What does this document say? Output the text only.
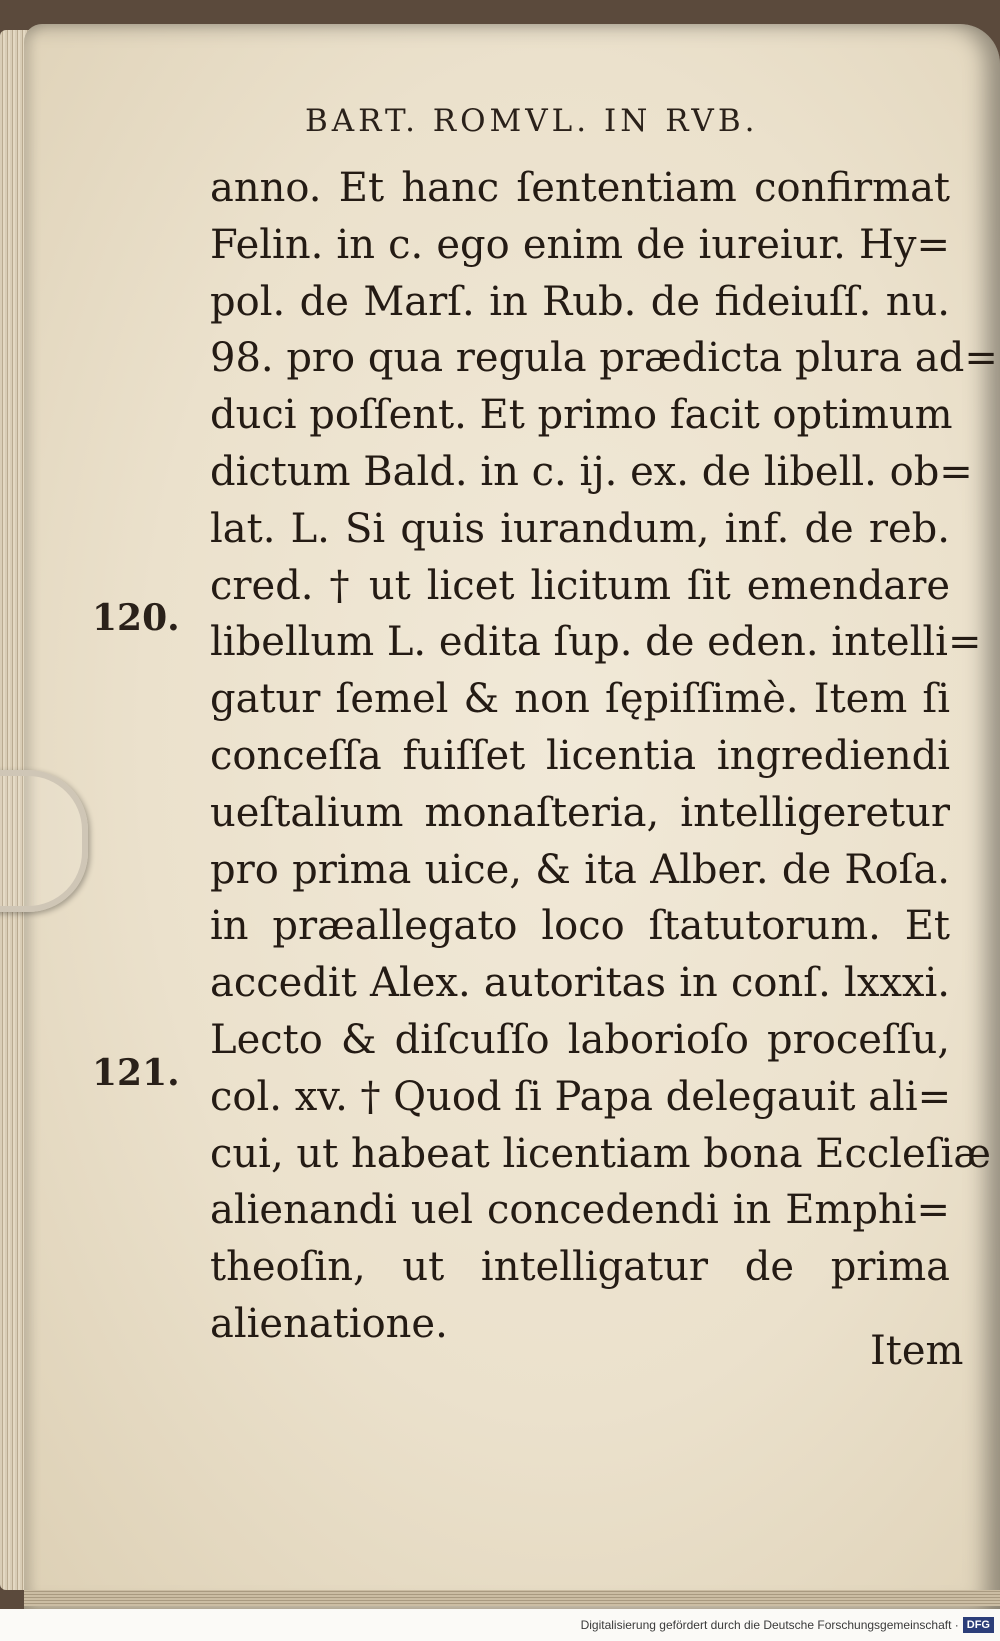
BART. ROMVL. IN RVB.
anno. Et hanc ſententiam confirmat
Felin. in c. ego enim de iureiur. Hy=
pol. de Marſ. in Rub. de fideiuſſ. nu.
98. pro qua regula prædicta plura ad=
duci poſſent. Et primo facit optimum
dictum Bald. in c. ij. ex. de libell. ob=
lat. L. Si quis iurandum, inf. de reb.
cred. † ut licet licitum ſit emendare
libellum L. edita ſup. de eden. intelli=
gatur ſemel & non ſępiſſimè. Item ſi
conceſſa fuiſſet licentia ingrediendi
ueſtalium monaſteria, intelligeretur
pro prima uice, & ita Alber. de Roſa.
in præallegato loco ſtatutorum. Et
accedit Alex. autoritas in conſ. lxxxi.
Lecto & diſcuſſo laborioſo proceſſu,
col. xv. † Quod ſi Papa delegauit ali=
cui, ut habeat licentiam bona Eccleſiæ
alienandi uel concedendi in Emphi=
theoſin, ut intelligatur de prima
alienatione.
120.
121.
Item
Digitalisierung gefördert durch die Deutsche Forschungsgemeinschaft · DFG
